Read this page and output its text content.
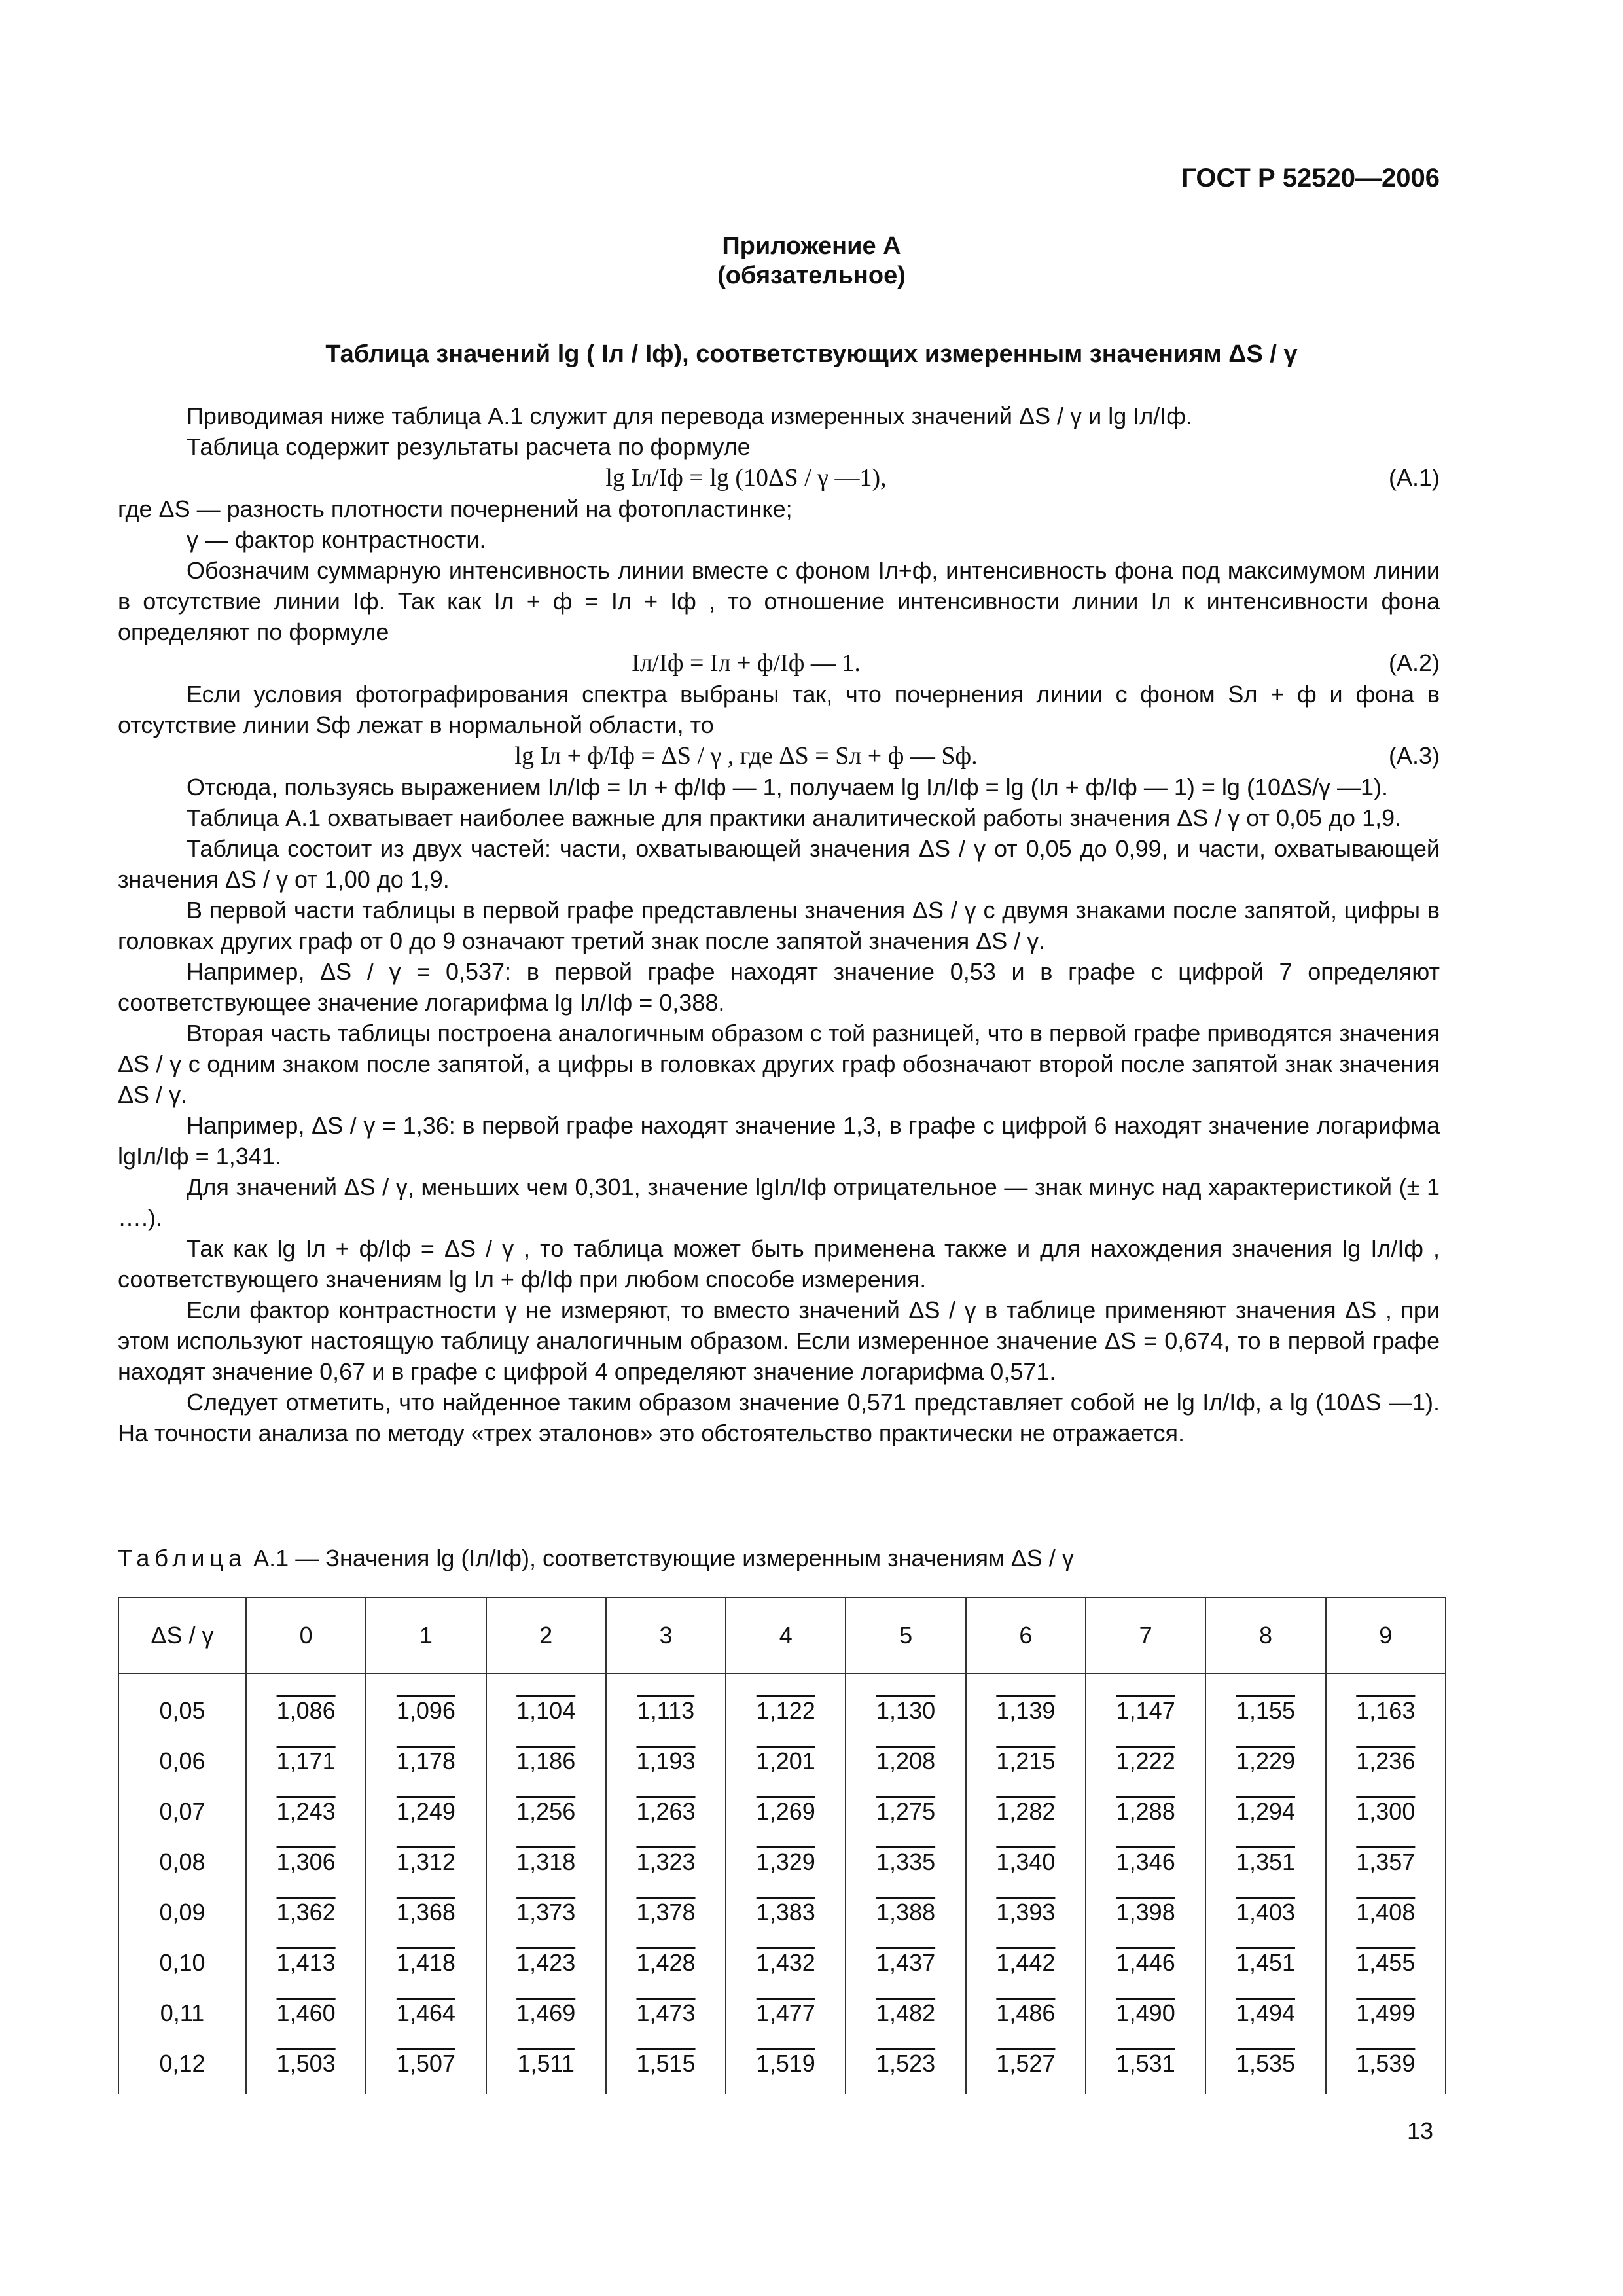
ГОСТ Р 52520—2006
Приложение А
(обязательное)
Таблица значений lg ( Iл / Iф), соответствующих измеренным значениям ΔS / γ

Приводимая ниже таблица А.1 служит для перевода измеренных значений ΔS / γ и lg Iл/Iф.

Таблица содержит результаты расчета по формуле

lg Iл/Iф = lg (10ΔS / γ —1),	(А.1)

где ΔS — разность плотности почернений на фотопластинке;

γ — фактор контрастности.

Обозначим суммарную интенсивность линии вместе с фоном Iл+ф, интенсивность фона под максимумом линии в отсутствие линии Iф. Так как Iл + ф = Iл + Iф , то отношение интенсивности линии Iл к интенсивности фона определяют по формуле

Iл/Iф = Iл + ф/Iф — 1.	(А.2)

Если условия фотографирования спектра выбраны так, что почернения линии с фоном Sл + ф и фона в отсутствие линии Sф лежат в нормальной области, то

lg Iл + ф/Iф = ΔS / γ , где ΔS = Sл + ф — Sф.	(А.3)

Отсюда, пользуясь выражением Iл/Iф = Iл + ф/Iф — 1, получаем lg Iл/Iф = lg (Iл + ф/Iф — 1) = lg (10ΔS/γ —1).

Таблица А.1 охватывает наиболее важные для практики аналитической работы значения ΔS / γ от 0,05 до 1,9.

Таблица состоит из двух частей: части, охватывающей значения ΔS / γ от 0,05 до 0,99, и части, охватывающей значения ΔS / γ от 1,00 до 1,9.

В первой части таблицы в первой графе представлены значения ΔS / γ с двумя знаками после запятой, цифры в головках других граф от 0 до 9 означают третий знак после запятой значения ΔS / γ.

Например, ΔS / γ = 0,537: в первой графе находят значение 0,53 и в графе с цифрой 7 определяют соответствующее значение логарифма lg Iл/Iф = 0,388.

Вторая часть таблицы построена аналогичным образом с той разницей, что в первой графе приводятся значения ΔS / γ с одним знаком после запятой, а цифры в головках других граф обозначают второй после запятой знак значения ΔS / γ.

Например, ΔS / γ = 1,36: в первой графе находят значение 1,3, в графе с цифрой 6 находят значение логарифма lgIл/Iф = 1,341.

Для значений ΔS / γ, меньших чем 0,301, значение lgIл/Iф отрицательное — знак минус над характеристикой (± 1 ….).

Так как lg Iл + ф/Iф = ΔS / γ , то таблица может быть применена также и для нахождения значения lg Iл/Iф , соответствующего значениям lg Iл + ф/Iф при любом способе измерения.

Если фактор контрастности γ не измеряют, то вместо значений ΔS / γ в таблице применяют значения ΔS , при этом используют настоящую таблицу аналогичным образом. Если измеренное значение ΔS = 0,674, то в первой графе находят значение 0,67 и в графе с цифрой 4 определяют значение логарифма 0,571.

Следует отметить, что найденное таким образом значение 0,571 представляет собой не lg Iл/Iф, а lg (10ΔS —1). На точности анализа по методу «трех эталонов» это обстоятельство практически не отражается.

Таблица А.1 — Значения lg (Iл/Iф), соответствующие измеренным значениям ΔS / γ
ΔS / γ	0	1	2	3	4	5	6	7	8	9
0,05	1,086	1,096	1,104	1,113	1,122	1,130	1,139	1,147	1,155	1,163
0,06	1,171	1,178	1,186	1,193	1,201	1,208	1,215	1,222	1,229	1,236
0,07	1,243	1,249	1,256	1,263	1,269	1,275	1,282	1,288	1,294	1,300
0,08	1,306	1,312	1,318	1,323	1,329	1,335	1,340	1,346	1,351	1,357
0,09	1,362	1,368	1,373	1,378	1,383	1,388	1,393	1,398	1,403	1,408
0,10	1,413	1,418	1,423	1,428	1,432	1,437	1,442	1,446	1,451	1,455
0,11	1,460	1,464	1,469	1,473	1,477	1,482	1,486	1,490	1,494	1,499
0,12	1,503	1,507	1,511	1,515	1,519	1,523	1,527	1,531	1,535	1,539
13
